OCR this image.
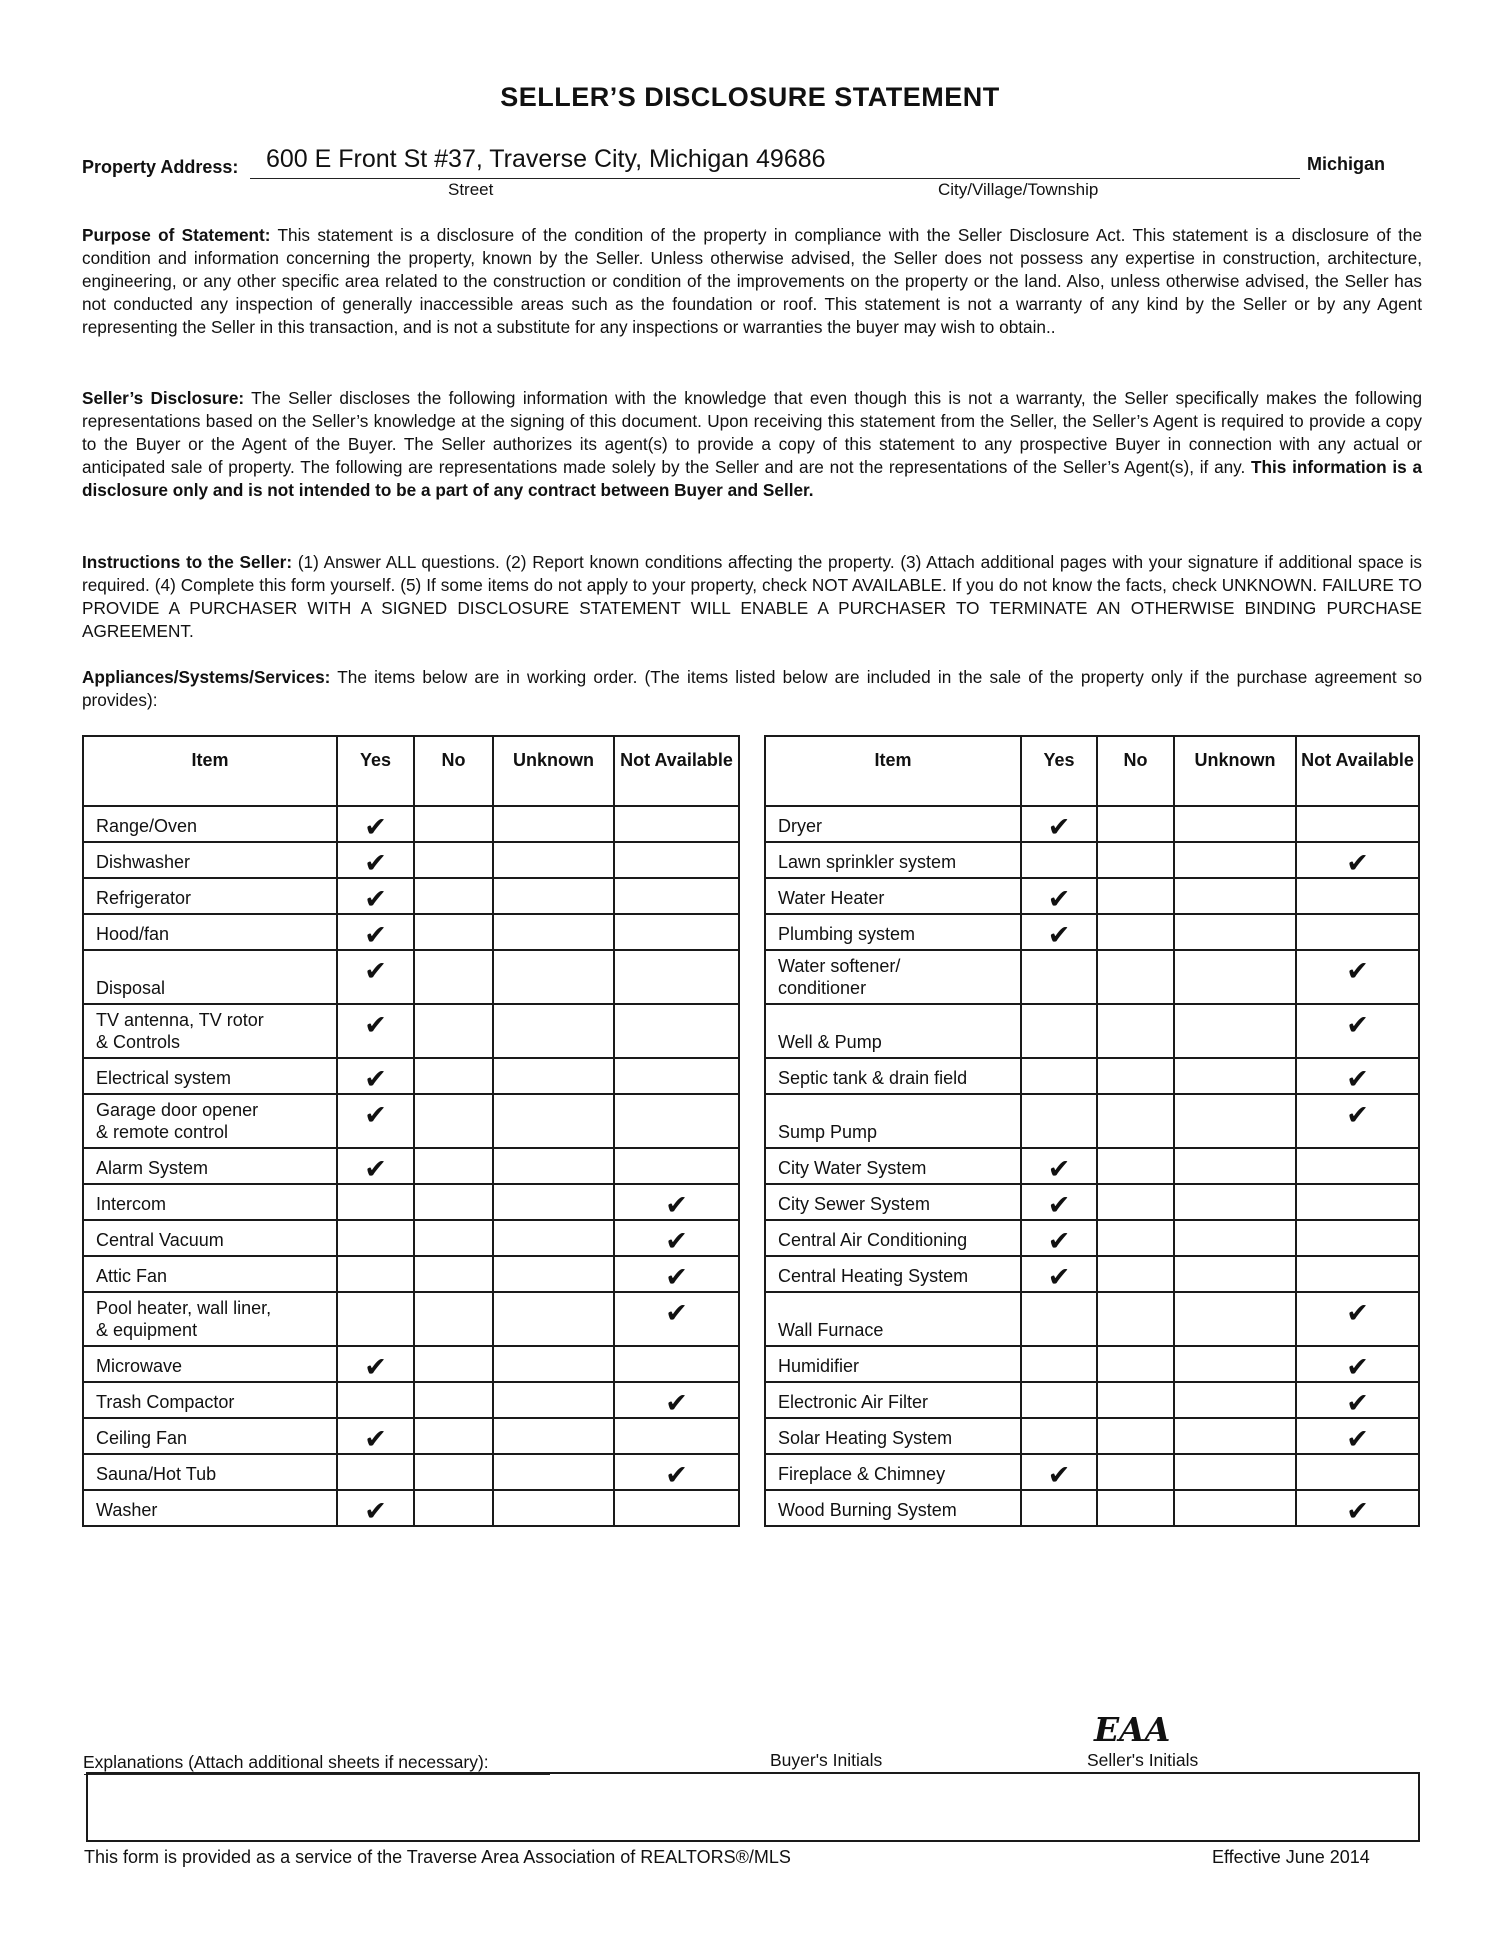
SELLER’S DISCLOSURE STATEMENT
Property Address: 600 E Front St #37, Traverse City, Michigan 49686	Michigan
Street	City/Village/Township
Purpose of Statement: This statement is a disclosure of the condition of the property in compliance with the Seller Disclosure Act. This statement is a disclosure of the condition and information concerning the property, known by the Seller. Unless otherwise advised, the Seller does not possess any expertise in construction, architecture, engineering, or any other specific area related to the construction or condition of the improvements on the property or the land. Also, unless otherwise advised, the Seller has not conducted any inspection of generally inaccessible areas such as the foundation or roof. This statement is not a warranty of any kind by the Seller or by any Agent representing the Seller in this transaction, and is not a substitute for any inspections or warranties the buyer may wish to obtain..
Seller’s Disclosure: The Seller discloses the following information with the knowledge that even though this is not a warranty, the Seller specifically makes the following representations based on the Seller’s knowledge at the signing of this document. Upon receiving this statement from the Seller, the Seller’s Agent is required to provide a copy to the Buyer or the Agent of the Buyer. The Seller authorizes its agent(s) to provide a copy of this statement to any prospective Buyer in connection with any actual or anticipated sale of property. The following are representations made solely by the Seller and are not the representations of the Seller’s Agent(s), if any. This information is a disclosure only and is not intended to be a part of any contract between Buyer and Seller.
Instructions to the Seller: (1) Answer ALL questions. (2) Report known conditions affecting the property. (3) Attach additional pages with your signature if additional space is required. (4) Complete this form yourself. (5) If some items do not apply to your property, check NOT AVAILABLE. If you do not know the facts, check UNKNOWN. FAILURE TO PROVIDE A PURCHASER WITH A SIGNED DISCLOSURE STATEMENT WILL ENABLE A PURCHASER TO TERMINATE AN OTHERWISE BINDING PURCHASE AGREEMENT.
Appliances/Systems/Services: The items below are in working order. (The items listed below are included in the sale of the property only if the purchase agreement so provides):
Item	Yes	No	Unknown	Not Available
Range/Oven	✔			
Dishwasher	✔			
Refrigerator	✔			
Hood/fan	✔			
Disposal	✔			
TV antenna, TV rotor
& Controls	✔			
Electrical system	✔			
Garage door opener
& remote control	✔			
Alarm System	✔			
Intercom				✔
Central Vacuum				✔
Attic Fan				✔
Pool heater, wall liner,
& equipment				✔
Microwave	✔			
Trash Compactor				✔
Ceiling Fan	✔			
Sauna/Hot Tub				✔
Washer	✔			
Item	Yes	No	Unknown	Not Available
Dryer	✔			
Lawn sprinkler system				✔
Water Heater	✔			
Plumbing system	✔			
Water softener/
conditioner				✔
Well & Pump				✔
Septic tank & drain field				✔
Sump Pump				✔
City Water System	✔			
City Sewer System	✔			
Central Air Conditioning	✔			
Central Heating System	✔			
Wall Furnace				✔
Humidifier				✔
Electronic Air Filter				✔
Solar Heating System				✔
Fireplace & Chimney	✔			
Wood Burning System				✔
EAA
Explanations (Attach additional sheets if necessary):	Buyer's Initials	Seller's Initials
This form is provided as a service of the Traverse Area Association of REALTORS®/MLS	Effective June 2014
